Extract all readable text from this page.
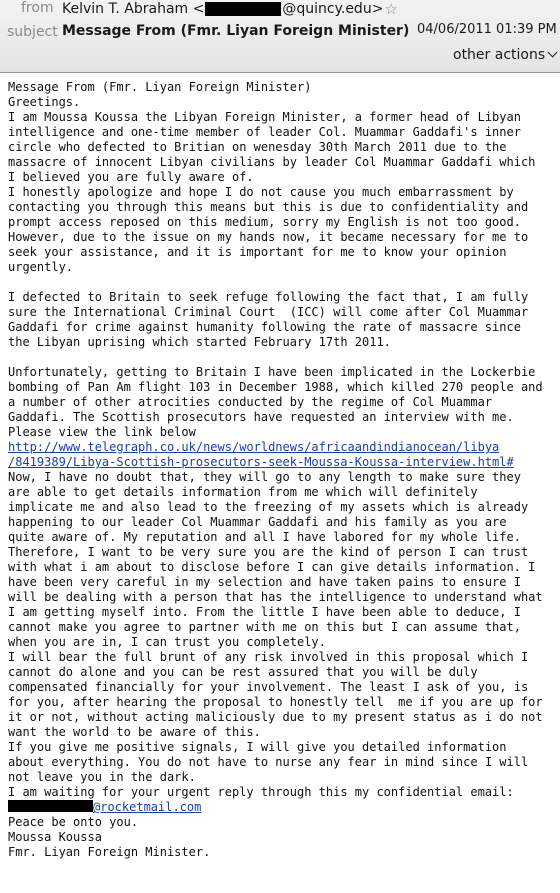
from Kelvin T. Abraham <	@quincy.edu> ☆
subject Message From (Fmr. Liyan Foreign Minister) 04/06/2011 01:39 PM
other actions
Message From (Fmr. Liyan Foreign Minister)
Greetings.
I am Moussa Koussa the Libyan Foreign Minister, a former head of Libyan
intelligence and one-time member of leader Col. Muammar Gaddafi's inner
circle who defected to Britian on wenesday 30th March 2011 due to the
massacre of innocent Libyan civilians by leader Col Muammar Gaddafi which
I believed you are fully aware of.
I honestly apologize and hope I do not cause you much embarrassment by
contacting you through this means but this is due to confidentiality and
prompt access reposed on this medium, sorry my English is not too good.
However, due to the issue on my hands now, it became necessary for me to
seek your assistance, and it is important for me to know your opinion
urgently.

I defected to Britain to seek refuge following the fact that, I am fully
sure the International Criminal Court  (ICC) will come after Col Muammar
Gaddafi for crime against humanity following the rate of massacre since
the Libyan uprising which started February 17th 2011.

Unfortunately, getting to Britain I have been implicated in the Lockerbie
bombing of Pan Am flight 103 in December 1988, which killed 270 people and
a number of other atrocities conducted by the regime of Col Muammar
Gaddafi. The Scottish prosecutors have requested an interview with me.
Please view the link below
http://www.telegraph.co.uk/news/worldnews/africaandindianocean/libya
/8419389/Libya-Scottish-prosecutors-seek-Moussa-Koussa-interview.html#
Now, I have no doubt that, they will go to any length to make sure they
are able to get details information from me which will definitely
implicate me and also lead to the freezing of my assets which is already
happening to our leader Col Muammar Gaddafi and his family as you are
quite aware of. My reputation and all I have labored for my whole life.
Therefore, I want to be very sure you are the kind of person I can trust
with what i am about to disclose before I can give details information. I
have been very careful in my selection and have taken pains to ensure I
will be dealing with a person that has the intelligence to understand what
I am getting myself into. From the little I have been able to deduce, I
cannot make you agree to partner with me on this but I can assume that,
when you are in, I can trust you completely.
I will bear the full brunt of any risk involved in this proposal which I
cannot do alone and you can be rest assured that you will be duly
compensated financially for your involvement. The least I ask of you, is
for you, after hearing the proposal to honestly tell  me if you are up for
it or not, without acting maliciously due to my present status as i do not
want the world to be aware of this.
If you give me positive signals, I will give you detailed information
about everything. You do not have to nurse any fear in mind since I will
not leave you in the dark.
I am waiting for your urgent reply through this my confidential email:
@rocketmail.com
Peace be onto you.
Moussa Koussa
Fmr. Liyan Foreign Minister.
